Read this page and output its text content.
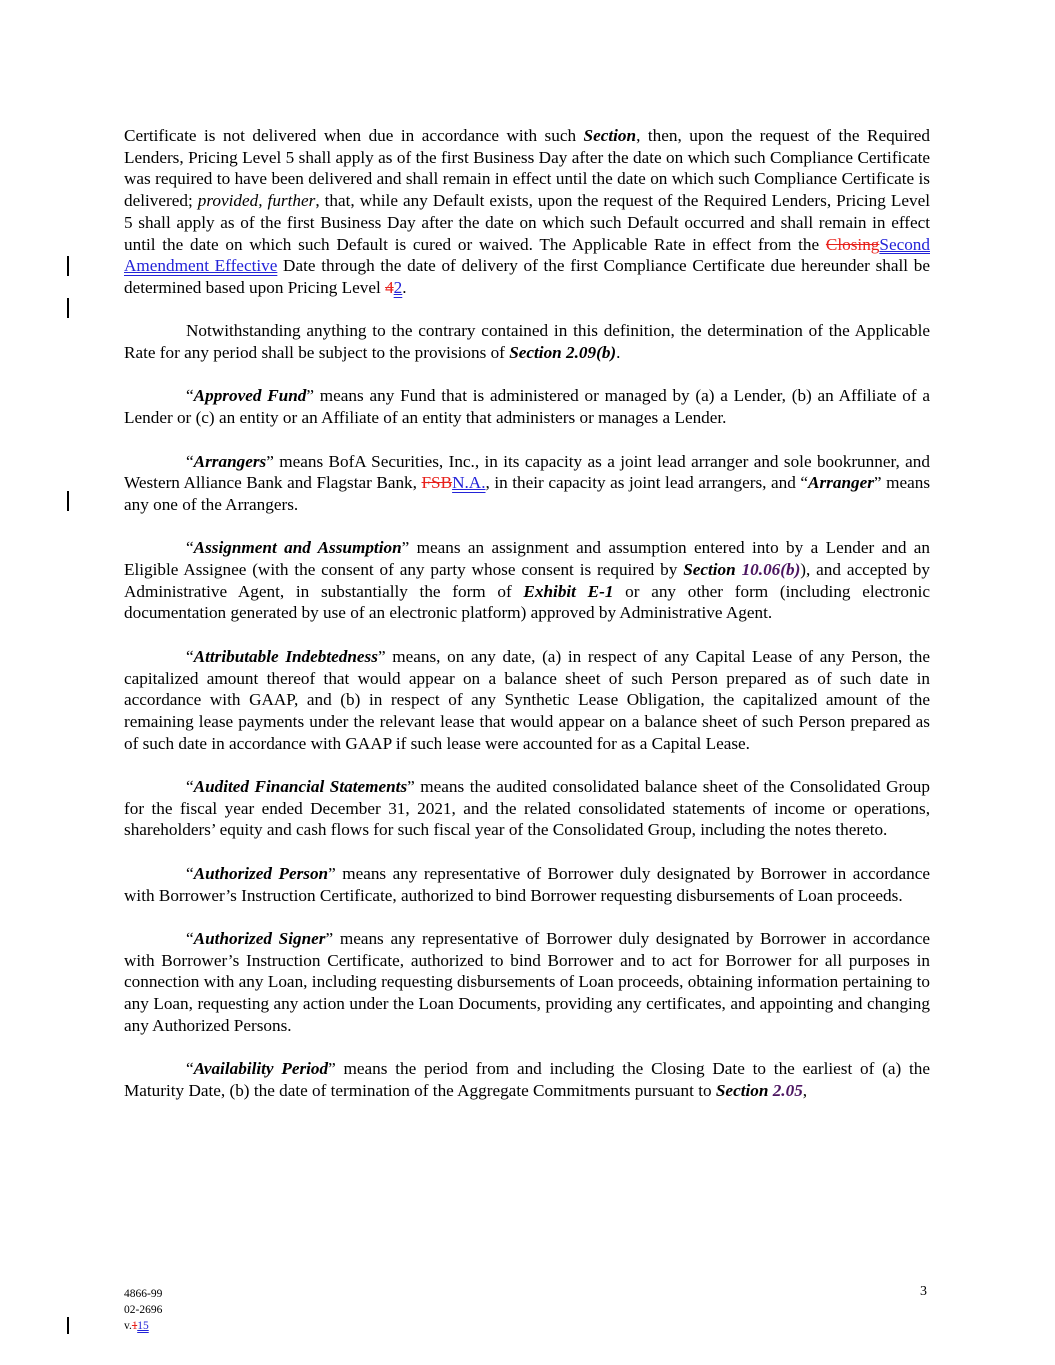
Certificate is not delivered when due in accordance with such Section, then, upon the request of the Required Lenders, Pricing Level 5 shall apply as of the first Business Day after the date on which such Compliance Certificate was required to have been delivered and shall remain in effect until the date on which such Compliance Certificate is delivered; provided, further, that, while any Default exists, upon the request of the Required Lenders, Pricing Level 5 shall apply as of the first Business Day after the date on which such Default occurred and shall remain in effect until the date on which such Default is cured or waived. The Applicable Rate in effect from the ClosingSecond Amendment Effective Date through the date of delivery of the first Compliance Certificate due hereunder shall be determined based upon Pricing Level 42.

Notwithstanding anything to the contrary contained in this definition, the determination of the Applicable Rate for any period shall be subject to the provisions of Section 2.09(b).

“Approved Fund” means any Fund that is administered or managed by (a) a Lender, (b) an Affiliate of a Lender or (c) an entity or an Affiliate of an entity that administers or manages a Lender.

“Arrangers” means BofA Securities, Inc., in its capacity as a joint lead arranger and sole bookrunner, and Western Alliance Bank and Flagstar Bank, FSBN.A., in their capacity as joint lead arrangers, and “Arranger” means any one of the Arrangers.

“Assignment and Assumption” means an assignment and assumption entered into by a Lender and an Eligible Assignee (with the consent of any party whose consent is required by Section 10.06(b)), and accepted by Administrative Agent, in substantially the form of Exhibit E-1 or any other form (including electronic documentation generated by use of an electronic platform) approved by Administrative Agent.

“Attributable Indebtedness” means, on any date, (a) in respect of any Capital Lease of any Person, the capitalized amount thereof that would appear on a balance sheet of such Person prepared as of such date in accordance with GAAP, and (b) in respect of any Synthetic Lease Obligation, the capitalized amount of the remaining lease payments under the relevant lease that would appear on a balance sheet of such Person prepared as of such date in accordance with GAAP if such lease were accounted for as a Capital Lease.

“Audited Financial Statements” means the audited consolidated balance sheet of the Consolidated Group for the fiscal year ended December 31, 2021, and the related consolidated statements of income or operations, shareholders’ equity and cash flows for such fiscal year of the Consolidated Group, including the notes thereto.

“Authorized Person” means any representative of Borrower duly designated by Borrower in accordance with Borrower’s Instruction Certificate, authorized to bind Borrower requesting disbursements of Loan proceeds.

“Authorized Signer” means any representative of Borrower duly designated by Borrower in accordance with Borrower’s Instruction Certificate, authorized to bind Borrower and to act for Borrower for all purposes in connection with any Loan, including requesting disbursements of Loan proceeds, obtaining information pertaining to any Loan, requesting any action under the Loan Documents, providing any certificates, and appointing and changing any Authorized Persons.

“Availability Period” means the period from and including the Closing Date to the earliest of (a) the Maturity Date, (b) the date of termination of the Aggregate Commitments pursuant to Section 2.05,

4866-99
02-2696
v.115
3
